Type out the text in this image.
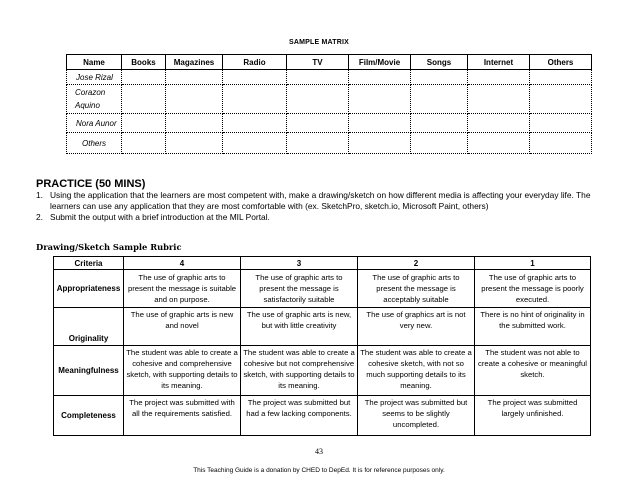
SAMPLE MATRIX
Name	Books	Magazines	Radio	TV	Film/Movie	Songs	Internet	Others
Jose Rizal								
Corazon Aquino								
Nora Aunor								
Others								
PRACTICE (50 MINS)
1. Using the application that the learners are most competent with, make a drawing/sketch on how different media is affecting your everyday life. The learners can use any application that they are most comfortable with (ex. SketchPro, sketch.io, Microsoft Paint, others)
2. Submit the output with a brief introduction at the MIL Portal.
Drawing/Sketch Sample Rubric
Criteria	4	3	2	1
Appropriateness	The use of graphic arts to present the message is suitable and on purpose.	The use of graphic arts to present the message is satisfactorily suitable	The use of graphic arts to present the message is acceptably suitable	The use of graphic arts to present the message is poorly executed.
Originality	The use of graphic arts is new and novel	The use of graphic arts is new, but with little creativity	The use of graphics art is not very new.	There is no hint of originality in the submitted work.
Meaningfulness	The student was able to create a cohesive and comprehensive sketch, with supporting details to its meaning.	The student was able to create a cohesive but not comprehensive sketch, with supporting details to its meaning.	The student was able to create a cohesive sketch, with not so much supporting details to its meaning.	The student was not able to create a cohesive or meaningful sketch.
Completeness	The project was submitted with all the requirements satisfied.	The project was submitted but had a few lacking components.	The project was submitted but seems to be slightly uncompleted.	The project was submitted largely unfinished.
43
This Teaching Guide is a donation by CHED to DepEd. It is for reference purposes only.
